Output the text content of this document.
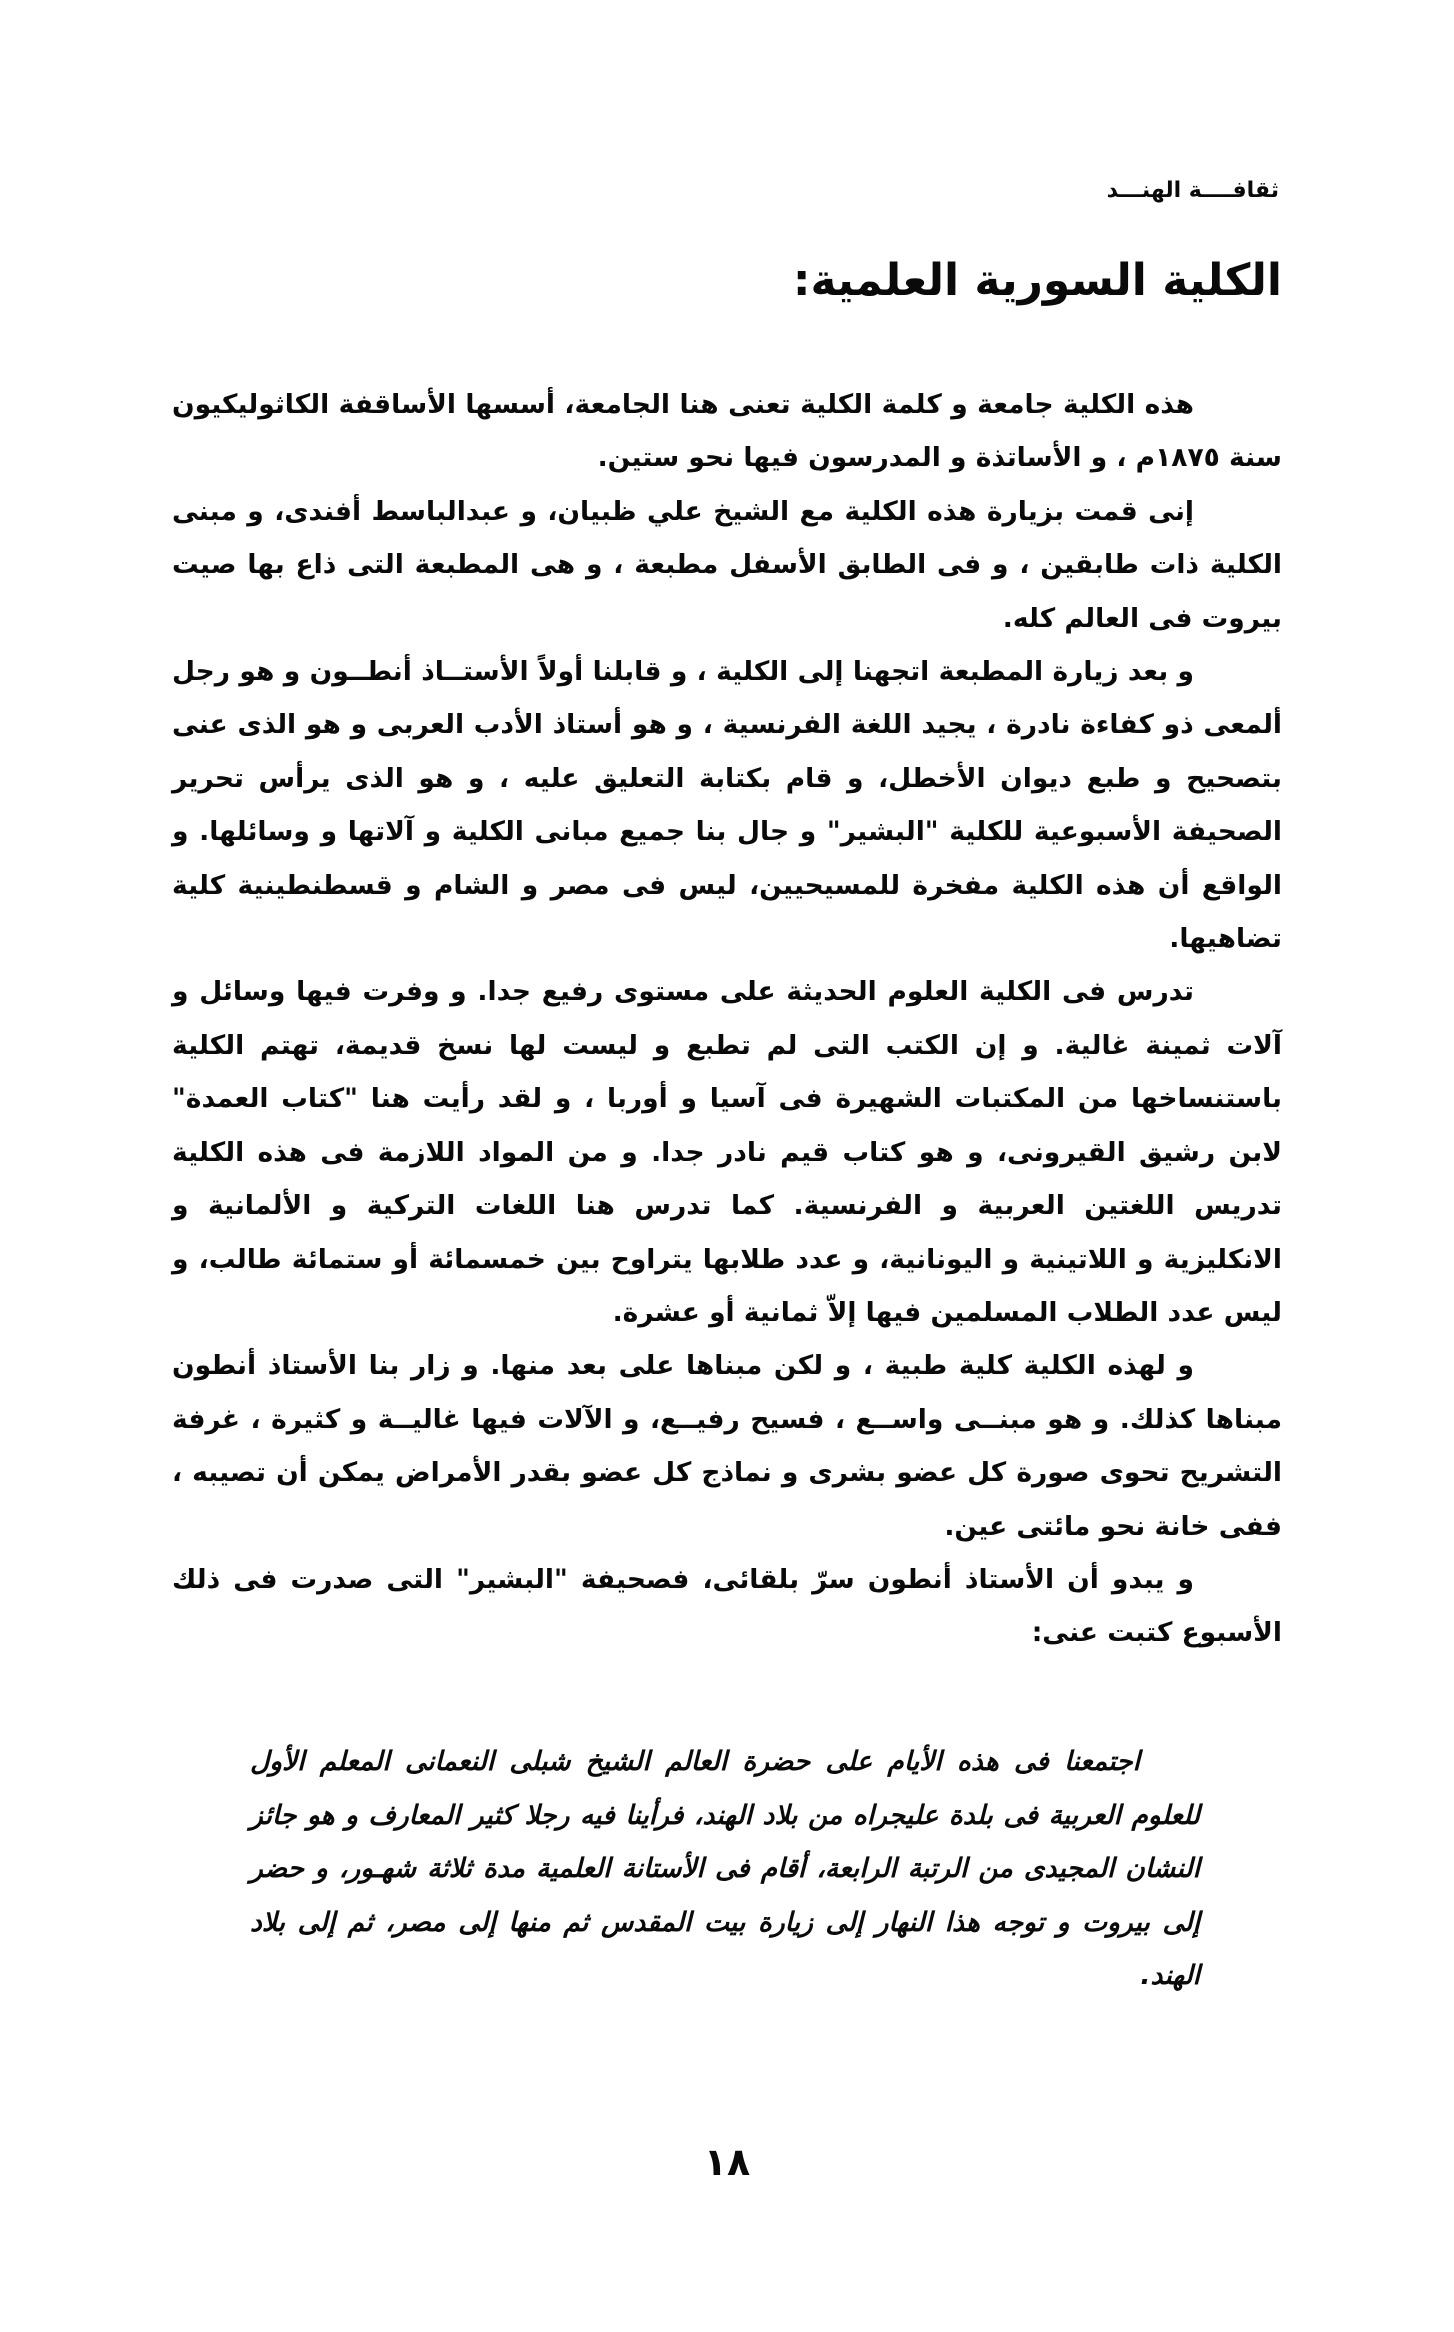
ثقافــــة الهنـــد
الكلية السورية العلمية:

هذه الكلية جامعة و كلمة الكلية تعنى هنا الجامعة، أسسها الأساقفة الكاثوليكيون سنة ١٨٧٥م ، و الأساتذة و المدرسون فيها نحو ستين.

إنى قمت بزيارة هذه الكلية مع الشيخ علي ظبيان، و عبدالباسط أفندى، و مبنى الكلية ذات طابقين ، و فى الطابق الأسفل مطبعة ، و هى المطبعة التى ذاع بها صيت بيروت فى العالم كله.

و بعد زيارة المطبعة اتجهنا إلى الكلية ، و قابلنا أولاً الأستــاذ أنطــون و هو رجل ألمعى ذو كفاءة نادرة ، يجيد اللغة الفرنسية ، و هو أستاذ الأدب العربى و هو الذى عنى بتصحيح و طبع ديوان الأخطل، و قام بكتابة التعليق عليه ، و هو الذى يرأس تحرير الصحيفة الأسبوعية للكلية "البشير" و جال بنا جميع مبانى الكلية و آلاتها و وسائلها. و الواقع أن هذه الكلية مفخرة للمسيحيين، ليس فى مصر و الشام و قسطنطينية كلية تضاهيها.

تدرس فى الكلية العلوم الحديثة على مستوى رفيع جدا. و وفرت فيها وسائل و آلات ثمينة غالية. و إن الكتب التى لم تطبع و ليست لها نسخ قديمة، تهتم الكلية باستنساخها من المكتبات الشهيرة فى آسيا و أوربا ، و لقد رأيت هنا "كتاب العمدة" لابن رشيق القيرونى، و هو كتاب قيم نادر جدا. و من المواد اللازمة فى هذه الكلية تدريس اللغتين العربية و الفرنسية. كما تدرس هنا اللغات التركية و الألمانية و الانكليزية و اللاتينية و اليونانية، و عدد طلابها يتراوح بين خمسمائة أو ستمائة طالب، و ليس عدد الطلاب المسلمين فيها إلاّ ثمانية أو عشرة.

و لهذه الكلية كلية طبية ، و لكن مبناها على بعد منها. و زار بنا الأستاذ أنطون مبناها كذلك. و هو مبنــى واســع ، فسيح رفيــع، و الآلات فيها غاليــة و كثيرة ، غرفة التشريح تحوى صورة كل عضو بشرى و نماذج كل عضو بقدر الأمراض يمكن أن تصيبه ، ففى خانة نحو مائتى عين.

و يبدو أن الأستاذ أنطون سرّ بلقائى، فصحيفة "البشير" التى صدرت فى ذلك الأسبوع كتبت عنى:

اجتمعنا فى هذه الأيام على حضرة العالم الشيخ شبلى النعمانى المعلم الأول للعلوم العربية فى بلدة عليجراه من بلاد الهند، فرأينا فيه رجلا كثير المعارف و هو جائز النشان المجيدى من الرتبة الرابعة، أقام فى الأستانة العلمية مدة ثلاثة شهـور، و حضر إلى بيروت و توجه هذا النهار إلى زيارة بيت المقدس ثم منها إلى مصر، ثم إلى بلاد الهند.

١٨
